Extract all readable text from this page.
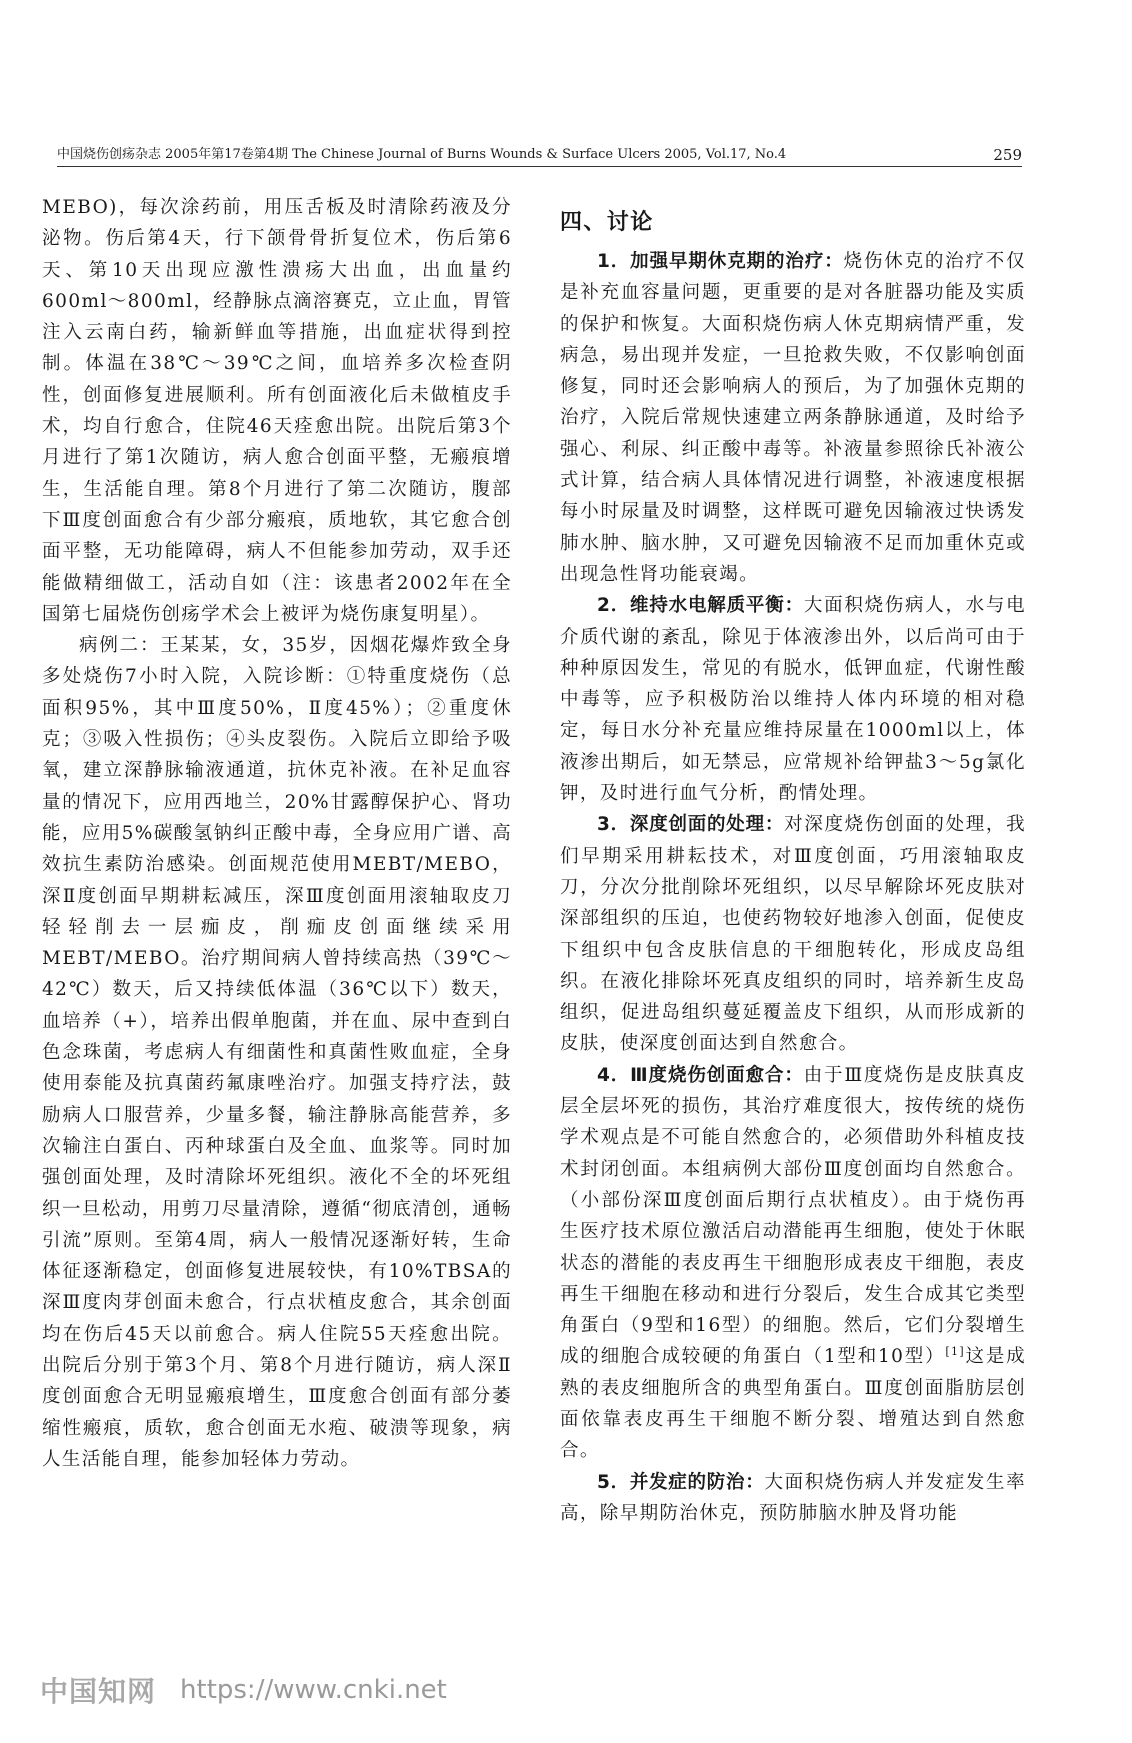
中国烧伤创疡杂志 2005年第17卷第4期 The Chinese Journal of Burns Wounds & Surface Ulcers 2005, Vol.17, No.4	259

MEBO)，每次涂药前，用压舌板及时清除药液及分泌物。伤后第4天，行下颌骨骨折复位术，伤后第6天、第10天出现应激性溃疡大出血，出血量约600ml～800ml，经静脉点滴溶赛克，立止血，胃管注入云南白药，输新鲜血等措施，出血症状得到控制。体温在38℃～39℃之间，血培养多次检查阴性，创面修复进展顺利。所有创面液化后未做植皮手术，均自行愈合，住院46天痊愈出院。出院后第3个月进行了第1次随访，病人愈合创面平整，无瘢痕增生，生活能自理。第8个月进行了第二次随访，腹部下Ⅲ度创面愈合有少部分瘢痕，质地软，其它愈合创面平整，无功能障碍，病人不但能参加劳动，双手还能做精细做工，活动自如（注：该患者2002年在全国第七届烧伤创疡学术会上被评为烧伤康复明星）。

病例二：王某某，女，35岁，因烟花爆炸致全身多处烧伤7小时入院，入院诊断：①特重度烧伤（总面积95%，其中Ⅲ度50%，Ⅱ度45%）；②重度休克；③吸入性损伤；④头皮裂伤。入院后立即给予吸氧，建立深静脉输液通道，抗休克补液。在补足血容量的情况下，应用西地兰，20%甘露醇保护心、肾功能，应用5%碳酸氢钠纠正酸中毒，全身应用广谱、高效抗生素防治感染。创面规范使用MEBT/MEBO，深Ⅱ度创面早期耕耘减压，深Ⅲ度创面用滚轴取皮刀轻轻削去一层痂皮，削痂皮创面继续采用MEBT/MEBO。治疗期间病人曾持续高热（39℃～42℃）数天，后又持续低体温（36℃以下）数天，血培养（+），培养出假单胞菌，并在血、尿中查到白色念珠菌，考虑病人有细菌性和真菌性败血症，全身使用泰能及抗真菌药氟康唑治疗。加强支持疗法，鼓励病人口服营养，少量多餐，输注静脉高能营养，多次输注白蛋白、丙种球蛋白及全血、血浆等。同时加强创面处理，及时清除坏死组织。液化不全的坏死组织一旦松动，用剪刀尽量清除，遵循“彻底清创，通畅引流”原则。至第4周，病人一般情况逐渐好转，生命体征逐渐稳定，创面修复进展较快，有10%TBSA的深Ⅲ度肉芽创面未愈合，行点状植皮愈合，其余创面均在伤后45天以前愈合。病人住院55天痊愈出院。出院后分别于第3个月、第8个月进行随访，病人深Ⅱ度创面愈合无明显瘢痕增生，Ⅲ度愈合创面有部分萎缩性瘢痕，质软，愈合创面无水疱、破溃等现象，病人生活能自理，能参加轻体力劳动。

四、讨论

1．加强早期休克期的治疗：烧伤休克的治疗不仅是补充血容量问题，更重要的是对各脏器功能及实质的保护和恢复。大面积烧伤病人休克期病情严重，发病急，易出现并发症，一旦抢救失败，不仅影响创面修复，同时还会影响病人的预后，为了加强休克期的治疗，入院后常规快速建立两条静脉通道，及时给予强心、利尿、纠正酸中毒等。补液量参照徐氏补液公式计算，结合病人具体情况进行调整，补液速度根据每小时尿量及时调整，这样既可避免因输液过快诱发肺水肿、脑水肿，又可避免因输液不足而加重休克或出现急性肾功能衰竭。

2．维持水电解质平衡：大面积烧伤病人，水与电介质代谢的紊乱，除见于体液渗出外，以后尚可由于种种原因发生，常见的有脱水，低钾血症，代谢性酸中毒等，应予积极防治以维持人体内环境的相对稳定，每日水分补充量应维持尿量在1000ml以上，体液渗出期后，如无禁忌，应常规补给钾盐3～5g氯化钾，及时进行血气分析，酌情处理。

3．深度创面的处理：对深度烧伤创面的处理，我们早期采用耕耘技术，对Ⅲ度创面，巧用滚轴取皮刀，分次分批削除坏死组织，以尽早解除坏死皮肤对深部组织的压迫，也使药物较好地渗入创面，促使皮下组织中包含皮肤信息的干细胞转化，形成皮岛组织。在液化排除坏死真皮组织的同时，培养新生皮岛组织，促进岛组织蔓延覆盖皮下组织，从而形成新的皮肤，使深度创面达到自然愈合。

4．Ⅲ度烧伤创面愈合：由于Ⅲ度烧伤是皮肤真皮层全层坏死的损伤，其治疗难度很大，按传统的烧伤学术观点是不可能自然愈合的，必须借助外科植皮技术封闭创面。本组病例大部份Ⅲ度创面均自然愈合。（小部份深Ⅲ度创面后期行点状植皮）。由于烧伤再生医疗技术原位激活启动潜能再生细胞，使处于休眠状态的潜能的表皮再生干细胞形成表皮干细胞，表皮再生干细胞在移动和进行分裂后，发生合成其它类型角蛋白（9型和16型）的细胞。然后，它们分裂增生成的细胞合成较硬的角蛋白（1型和10型）[1]这是成熟的表皮细胞所含的典型角蛋白。Ⅲ度创面脂肪层创面依靠表皮再生干细胞不断分裂、增殖达到自然愈合。

5．并发症的防治：大面积烧伤病人并发症发生率高，除早期防治休克，预防肺脑水肿及肾功能

中国知网 https://www.cnki.net
